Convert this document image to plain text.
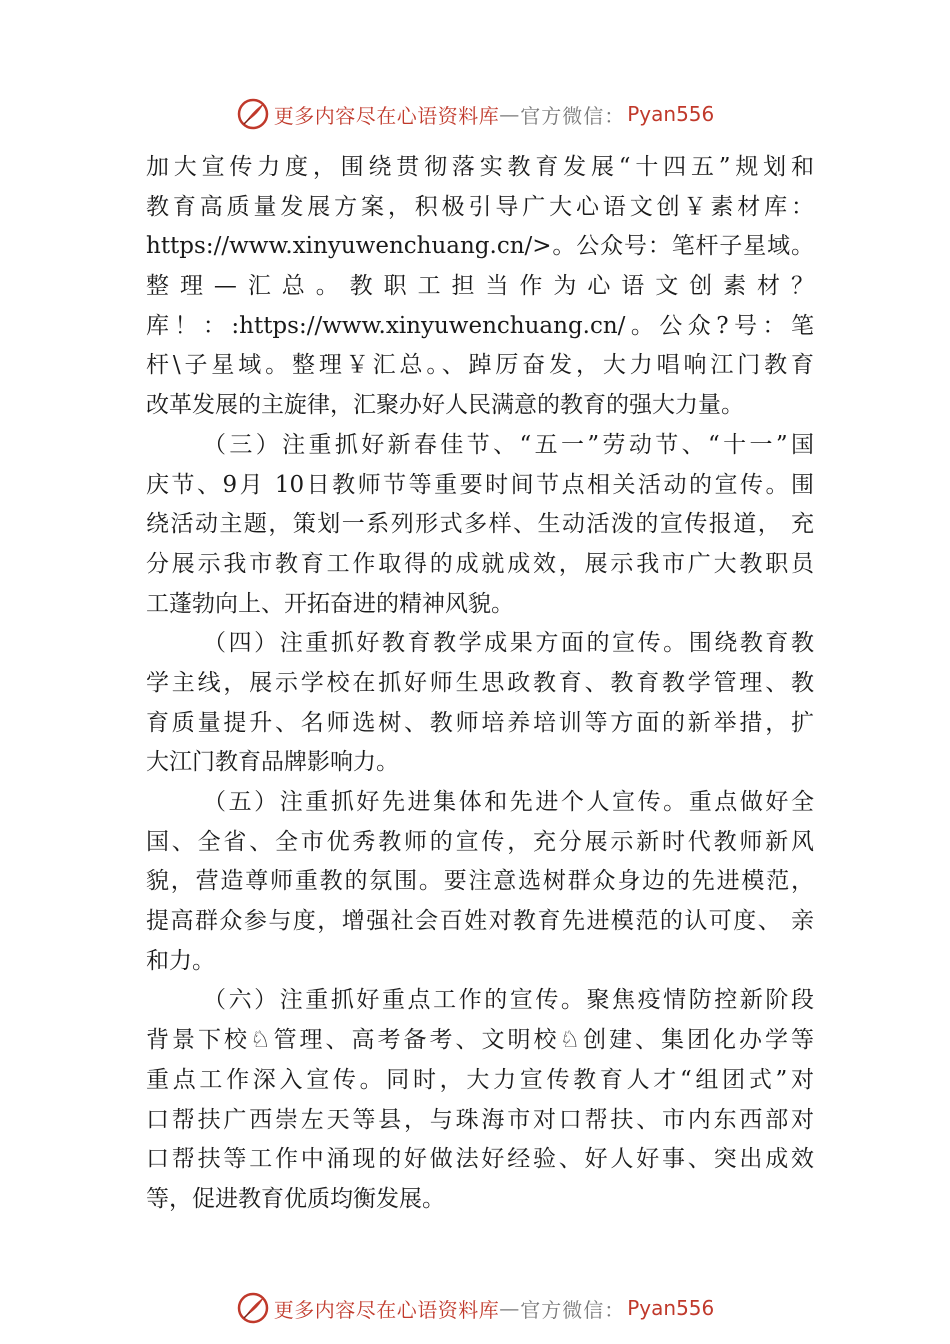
更多内容尽在心语资料库 — 官方微信： Pyan556
加大宣传力度，围绕贯彻落实教育发展“十四五”规划和
教育高质量发展方案，积极引导广大心语文创￥素材库：
https://www.xinyuwenchuang.cn/>。公众号：笔杆子星域。
整理—汇总。教职工担当作为心语文创素材？
库！：:https://www.xinyuwenchuang.cn/。公众?号：笔
杆\子星域。整理￥汇总。、踔厉奋发，大力唱响江门教育
改革发展的主旋律，汇聚办好人民满意的教育的强大力量。
（三）注重抓好新春佳节、“五一”劳动节、“十一”国
庆节、9月 10日教师节等重要时间节点相关活动的宣传。围
绕活动主题，策划一系列形式多样、生动活泼的宣传报道， 充
分展示我市教育工作取得的成就成效，展示我市广大教职员
工蓬勃向上、开拓奋进的精神风貌。
（四）注重抓好教育教学成果方面的宣传。围绕教育教
学主线，展示学校在抓好师生思政教育、教育教学管理、教
育质量提升、名师选树、教师培养培训等方面的新举措，扩
大江门教育品牌影响力。
（五）注重抓好先进集体和先进个人宣传。重点做好全
国、全省、全市优秀教师的宣传，充分展示新时代教师新风
貌，营造尊师重教的氛围。要注意选树群众身边的先进模范，
提高群众参与度，增强社会百姓对教育先进模范的认可度、 亲
和力。
（六）注重抓好重点工作的宣传。聚焦疫情防控新阶段
背景下校♘管理、高考备考、文明校♘创建、集团化办学等
重点工作深入宣传。同时，大力宣传教育人才“组团式”对
口帮扶广西崇左天等县，与珠海市对口帮扶、市内东西部对
口帮扶等工作中涌现的好做法好经验、好人好事、突出成效
等，促进教育优质均衡发展。
更多内容尽在心语资料库 — 官方微信： Pyan556
